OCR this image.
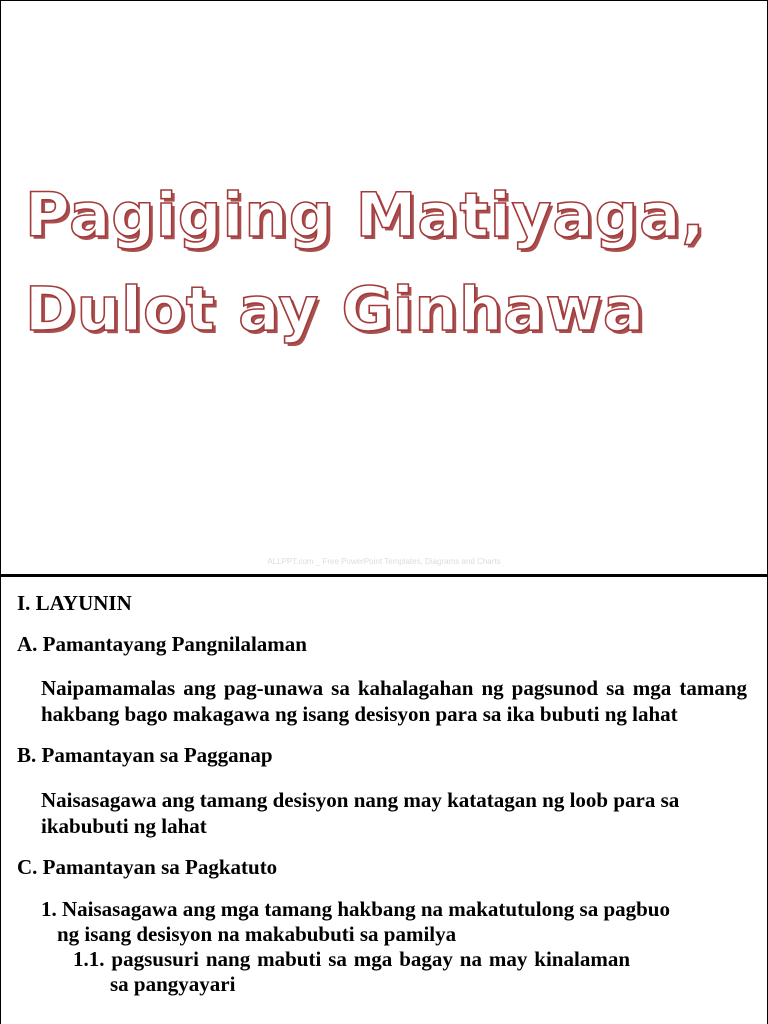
Pagiging Matiyaga,
Dulot ay Ginhawa
ALLPPT.com _ Free PowerPoint Templates, Diagrams and Charts

I. LAYUNIN

A. Pamantayang Pangnilalaman

Naipamamalas ang pag-unawa sa kahalagahan ng pagsunod sa mga tamang hakbang bago makagawa ng isang desisyon para sa ika bubuti ng lahat

B. Pamantayan sa Pagganap

Naisasagawa ang tamang desisyon nang may katatagan ng loob para sa ikabubuti ng lahat

C. Pamantayan sa Pagkatuto

1. Naisasagawa ang mga tamang hakbang na makatutulong sa pagbuo ng isang desisyon na makabubuti sa pamilya

1.1. pagsusuri nang mabuti sa mga bagay na may kinalaman sa pangyayari
